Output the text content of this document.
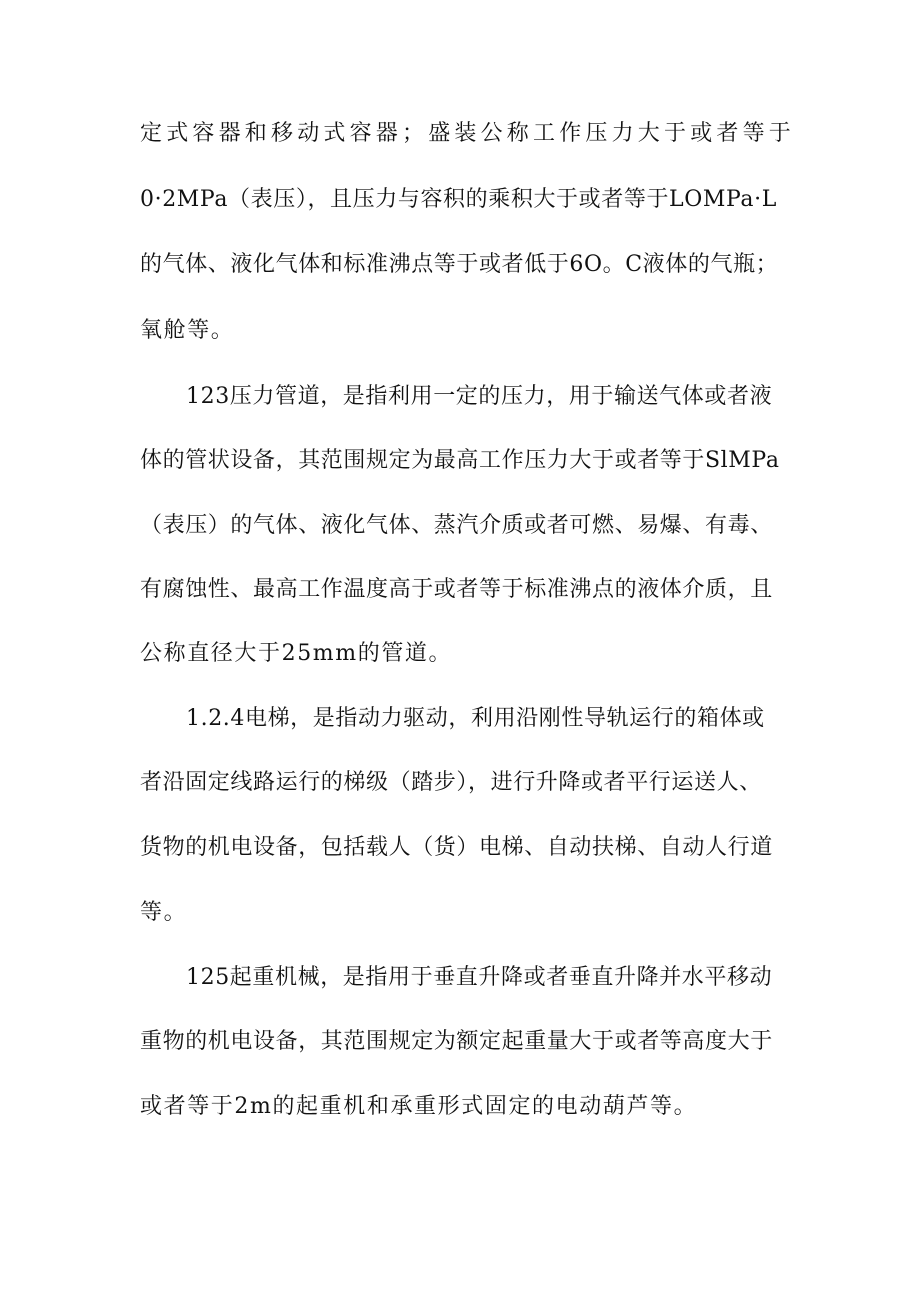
定式容器和移动式容器；盛装公称工作压力大于或者等于
0·2MPa（表压），且压力与容积的乘积大于或者等于LOMPa·L
的气体、液化气体和标准沸点等于或者低于6O。C液体的气瓶；
氧舱等。
123压力管道，是指利用一定的压力，用于输送气体或者液
体的管状设备，其范围规定为最高工作压力大于或者等于SlMPa
（表压）的气体、液化气体、蒸汽介质或者可燃、易爆、有毒、
有腐蚀性、最高工作温度高于或者等于标准沸点的液体介质，且
公称直径大于25mm的管道。
1.2.4电梯，是指动力驱动，利用沿刚性导轨运行的箱体或
者沿固定线路运行的梯级（踏步），进行升降或者平行运送人、
货物的机电设备，包括载人（货）电梯、自动扶梯、自动人行道
等。
125起重机械，是指用于垂直升降或者垂直升降并水平移动
重物的机电设备，其范围规定为额定起重量大于或者等高度大于
或者等于2m的起重机和承重形式固定的电动葫芦等。
